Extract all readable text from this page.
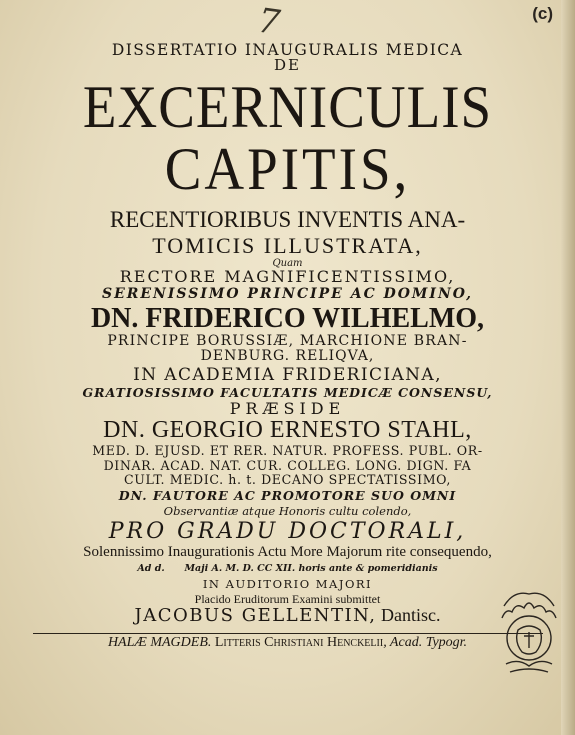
7	(c)
DISSERTATIO INAUGURALIS MEDICA
DE
EXCERNICULIS
CAPITIS,
RECENTIORIBUS INVENTIS ANA-
TOMICIS ILLUSTRATA,
Quam
RECTORE MAGNIFICENTISSIMO,
SERENISSIMO PRINCIPE AC DOMINO,
DN. FRIDERICO WILHELMO,
PRINCIPE BORUSSIÆ, MARCHIONE BRAN-
DENBURG. RELIQVA,
IN ACADEMIA FRIDERICIANA,
GRATIOSISSIMO FACULTATIS MEDICÆ CONSENSU,
PRÆSIDE
DN. GEORGIO ERNESTO STAHL,
MED. D. EJUSD. ET RER. NATUR. PROFESS. PUBL. OR-
DINAR. ACAD. NAT. CUR. COLLEG. LONG. DIGN. FA
CULT. MEDIC. h. t. DECANO SPECTATISSIMO,
DN. FAUTORE AC PROMOTORE SUO OMNI
Observantiæ atque Honoris cultu colendo,
PRO GRADU DOCTORALI,
Solennissimo Inaugurationis Actu More Majorum rite consequendo,
Ad d.      Maji A. M. D. CC XII. horis ante & pomeridianis
IN AUDITORIO MAJORI
Placido Eruditorum Examini submittet
JACOBUS GELLENTIN, Dantisc.
HALÆ MAGDEB. Litteris Christiani Henckelii, Acad. Typogr.
